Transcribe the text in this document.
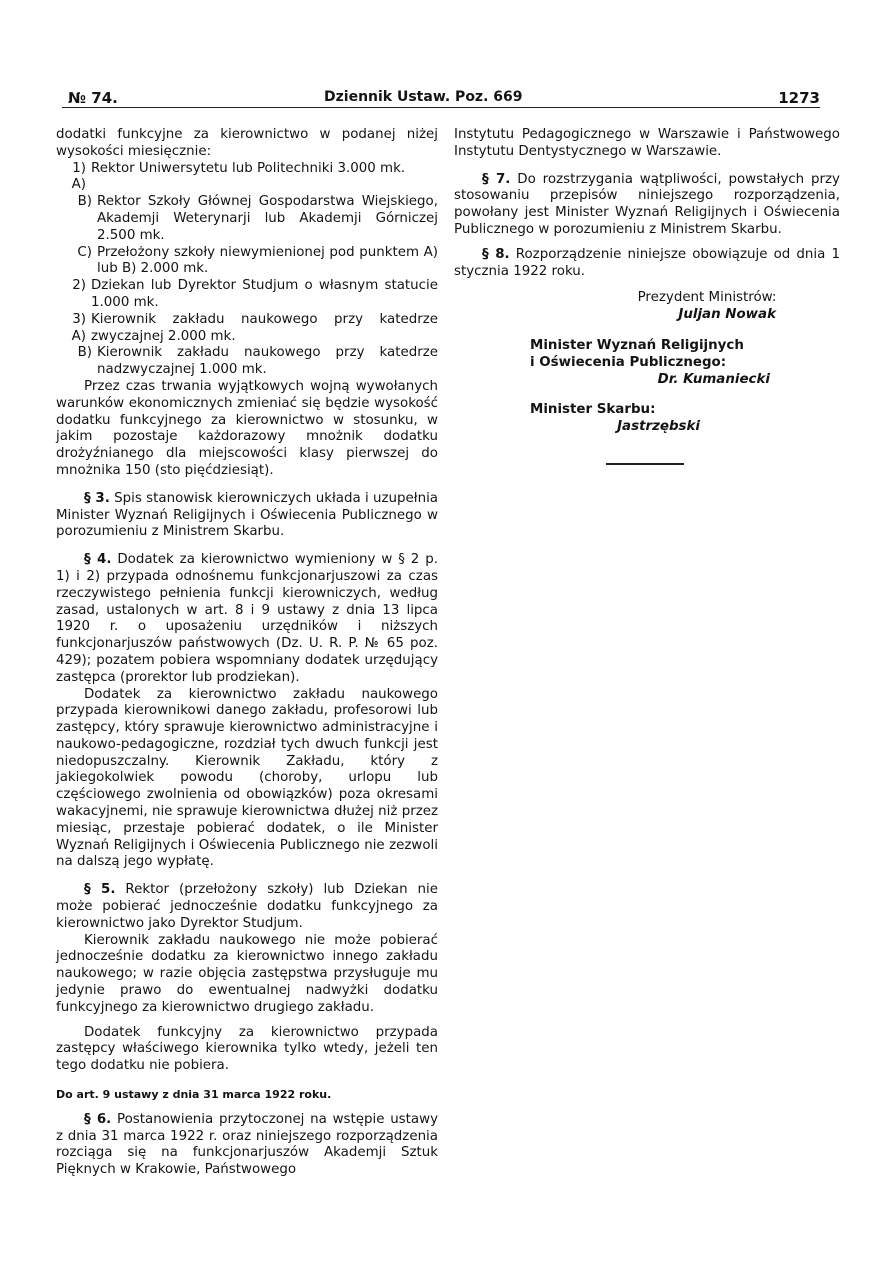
№ 74.	Dziennik Ustaw. Poz. 669	1273

dodatki funkcyjne za kierownictwo w podanej niżej wysokości miesięcznie:

1) A)
Rektor Uniwersytetu lub Politechniki 3.000 mk.
B) Rektor Szkoły Głównej Gospodarstwa Wiejskiego, Akademji Weterynarji lub Akademji Górniczej 2.500 mk.
C) Przełożony szkoły niewymienionej pod punktem A) lub B) 2.000 mk.
2) Dziekan lub Dyrektor Studjum o własnym statucie 1.000 mk.
3) A)
Kierownik zakładu naukowego przy katedrze zwyczajnej 2.000 mk.
B) Kierownik zakładu naukowego przy katedrze nadzwyczajnej 1.000 mk.

Przez czas trwania wyjątkowych wojną wywołanych warunków ekonomicznych zmieniać się będzie wysokość dodatku funkcyjnego za kierownictwo w stosunku, w jakim pozostaje każdorazowy mnożnik dodatku drożyźnianego dla miejscowości klasy pierwszej do mnożnika 150 (sto pięćdziesiąt).

§ 3. Spis stanowisk kierowniczych układa i uzupełnia Minister Wyznań Religijnych i Oświecenia Publicznego w porozumieniu z Ministrem Skarbu.

§ 4. Dodatek za kierownictwo wymieniony w § 2 p. 1) i 2) przypada odnośnemu funkcjonarjuszowi za czas rzeczywistego pełnienia funkcji kierowniczych, według zasad, ustalonych w art. 8 i 9 ustawy z dnia 13 lipca 1920 r. o uposażeniu urzędników i niższych funkcjonarjuszów państwowych (Dz. U. R. P. № 65 poz. 429); pozatem pobiera wspomniany dodatek urzędujący zastępca (prorektor lub prodziekan).

Dodatek za kierownictwo zakładu naukowego przypada kierownikowi danego zakładu, profesorowi lub zastępcy, który sprawuje kierownictwo administracyjne i naukowo-pedagogiczne, rozdział tych dwuch funkcji jest niedopuszczalny. Kierownik Zakładu, który z jakiegokolwiek powodu (choroby, urlopu lub częściowego zwolnienia od obowiązków) poza okresami wakacyjnemi, nie sprawuje kierownictwa dłużej niż przez miesiąc, przestaje pobierać dodatek, o ile Minister Wyznań Religijnych i Oświecenia Publicznego nie zezwoli na dalszą jego wypłatę.

§ 5. Rektor (przełożony szkoły) lub Dziekan nie może pobierać jednocześnie dodatku funkcyjnego za kierownictwo jako Dyrektor Studjum.

Kierownik zakładu naukowego nie może pobierać jednocześnie dodatku za kierownictwo innego zakładu naukowego; w razie objęcia zastępstwa przysługuje mu jedynie prawo do ewentualnej nadwyżki dodatku funkcyjnego za kierownictwo drugiego zakładu.

Dodatek funkcyjny za kierownictwo przypada zastępcy właściwego kierownika tylko wtedy, jeżeli ten tego dodatku nie pobiera.

Do art. 9 ustawy z dnia 31 marca 1922 roku.

§ 6. Postanowienia przytoczonej na wstępie ustawy z dnia 31 marca 1922 r. oraz niniejszego rozporządzenia rozciąga się na funkcjonarjuszów Akademji Sztuk Pięknych w Krakowie, Państwowego

Instytutu Pedagogicznego w Warszawie i Państwowego Instytutu Dentystycznego w Warszawie.

§ 7. Do rozstrzygania wątpliwości, powstałych przy stosowaniu przepisów niniejszego rozporządzenia, powołany jest Minister Wyznań Religijnych i Oświecenia Publicznego w porozumieniu z Ministrem Skarbu.

§ 8. Rozporządzenie niniejsze obowiązuje od dnia 1 stycznia 1922 roku.

Prezydent Ministrów:
Juljan Nowak
Minister Wyznań Religijnych
i Oświecenia Publicznego:
Dr. Kumaniecki
Minister Skarbu:
Jastrzębski
